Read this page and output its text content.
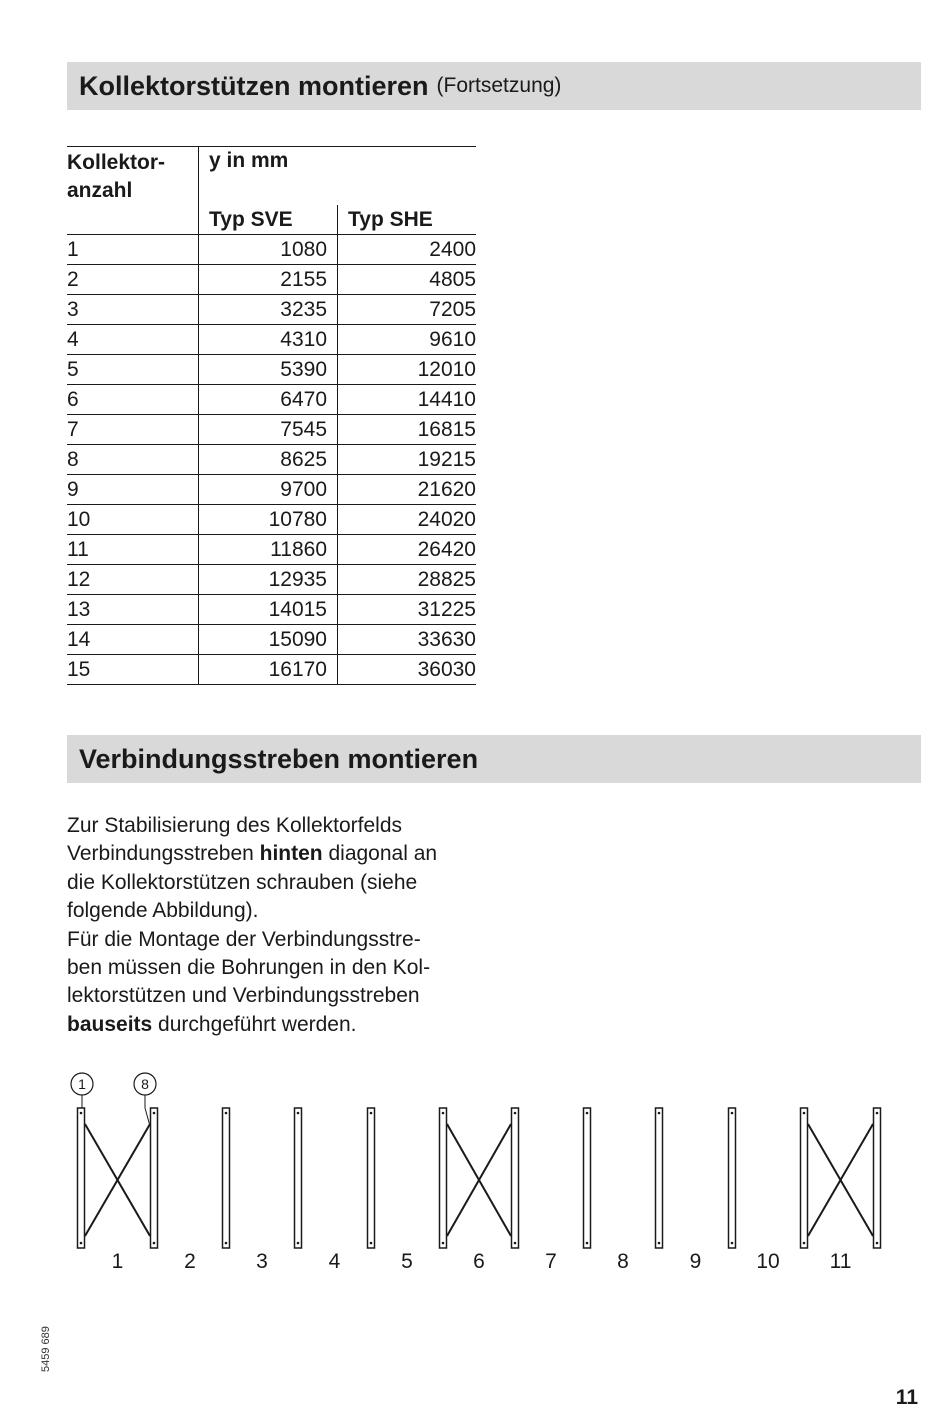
Kollektorstützen montieren (Fortsetzung)
Kollektor-
anzahl	y in mm	
	Typ SVE	Typ SHE
1	1080	2400
2	2155	4805
3	3235	7205
4	4310	9610
5	5390	12010
6	6470	14410
7	7545	16815
8	8625	19215
9	9700	21620
10	10780	24020
11	11860	26420
12	12935	28825
13	14015	31225
14	15090	33630
15	16170	36030
Verbindungsstreben montieren

Zur Stabilisierung des Kollektorfelds
Verbindungsstreben hinten diagonal an
die Kollektorstützen schrauben (siehe
folgende Abbildung).
Für die Montage der Verbindungsstre-
ben müssen die Bohrungen in den Kol-
lektorstützen und Verbindungsstreben
bauseits durchgeführt werden.

1	2	3	4	5	6	7	8	9	10 11
1	8
5459 689
11
